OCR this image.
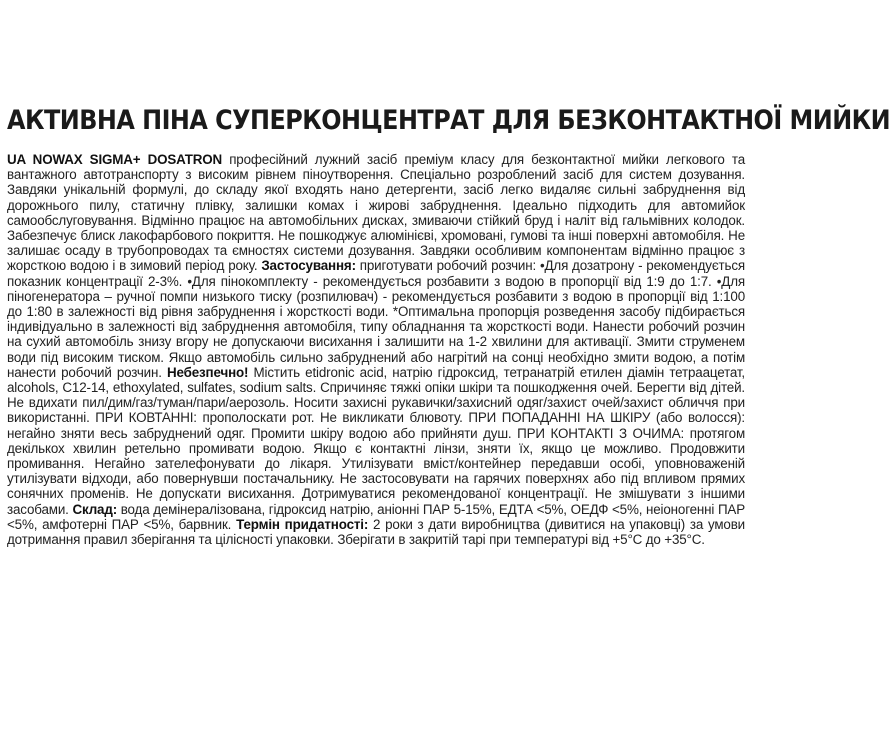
АКТИВНА ПІНА СУПЕРКОНЦЕНТРАТ ДЛЯ БЕЗКОНТАКТНОЇ МИЙКИ

UA NOWAX SIGMA+ DOSATRON професійний лужний засіб преміум класу для безконтактної мийки легкового та вантажного автотранспорту з високим рівнем піноутворення. Спеціально розроблений засіб для систем дозування. Завдяки унікальній формулі, до складу якої входять нано детергенти, засіб легко видаляє сильні забруднення від дорожнього пилу, статичну плівку, залишки комах і жирові забруднення. Ідеально підходить для автомийок самообслуговування. Відмінно працює на автомобільних дисках, змиваючи стійкий бруд і наліт від гальмівних колодок. Забезпечує блиск лакофарбового покриття. Не пошкоджує алюмінієві, хромовані, гумові та інші поверхні автомобіля. Не залишає осаду в трубопроводах та ємностях системи дозування. Завдяки особливим компонентам відмінно працює з жорсткою водою і в зимовий період року. Застосування: приготувати робочий розчин: •Для дозатрону - рекомендується показник концентрації 2-3%. •Для пінокомплекту - рекомендується розбавити з водою в пропорції від 1:9 до 1:7. •Для піногенератора – ручної помпи низького тиску (розпилювач) - рекомендується розбавити з водою в пропорції від 1:100 до 1:80 в залежності від рівня забруднення і жорсткості води. *Оптимальна пропорція розведення засобу підбирається індивідуально в залежності від забруднення автомобіля, типу обладнання та жорсткості води. Нанести робочий розчин на сухий автомобіль знизу вгору не допускаючи висихання і залишити на 1-2 хвилини для активації. Змити струменем води під високим тиском. Якщо автомобіль сильно забруднений або нагрітий на сонці необхідно змити водою, а потім нанести робочий розчин. Небезпечно! Містить etidronic acid, натрію гідроксид, тетранатрій етилен діамін тетраацетат, alcohols, C12-14, ethoxylated, sulfates, sodium salts. Спричиняє тяжкі опіки шкіри та пошкодження очей. Берегти від дітей. Не вдихати пил/дим/газ/туман/пари/аерозоль. Носити захисні рукавички/захисний одяг/захист очей/захист обличчя при використанні. ПРИ КОВТАННІ: прополоскати рот. Не викликати блювоту. ПРИ ПОПАДАННІ НА ШКІРУ (або волосся): негайно зняти весь забруднений одяг. Промити шкіру водою або прийняти душ. ПРИ КОНТАКТІ З ОЧИМА: протягом декількох хвилин ретельно промивати водою. Якщо є контактні лінзи, зняти їх, якщо це можливо. Продовжити промивання. Негайно зателефонувати до лікаря. Утилізувати вміст/контейнер передавши особі, уповноваженій утилізувати відходи, або повернувши постачальнику. Не застосовувати на гарячих поверхнях або під впливом прямих сонячних променів. Не допускати висихання. Дотримуватися рекомендованої концентрації. Не змішувати з іншими засобами. Склад: вода демінералізована, гідроксид натрію, аніонні ПАР 5-15%, ЕДТА <5%, ОЕДФ <5%, неіоногенні ПАР <5%, амфотерні ПАР <5%, барвник. Термін придатності: 2 роки з дати виробництва (дивитися на упаковці) за умови дотримання правил зберігання та цілісності упаковки. Зберігати в закритій тарі при температурі від +5°C до +35°C.
